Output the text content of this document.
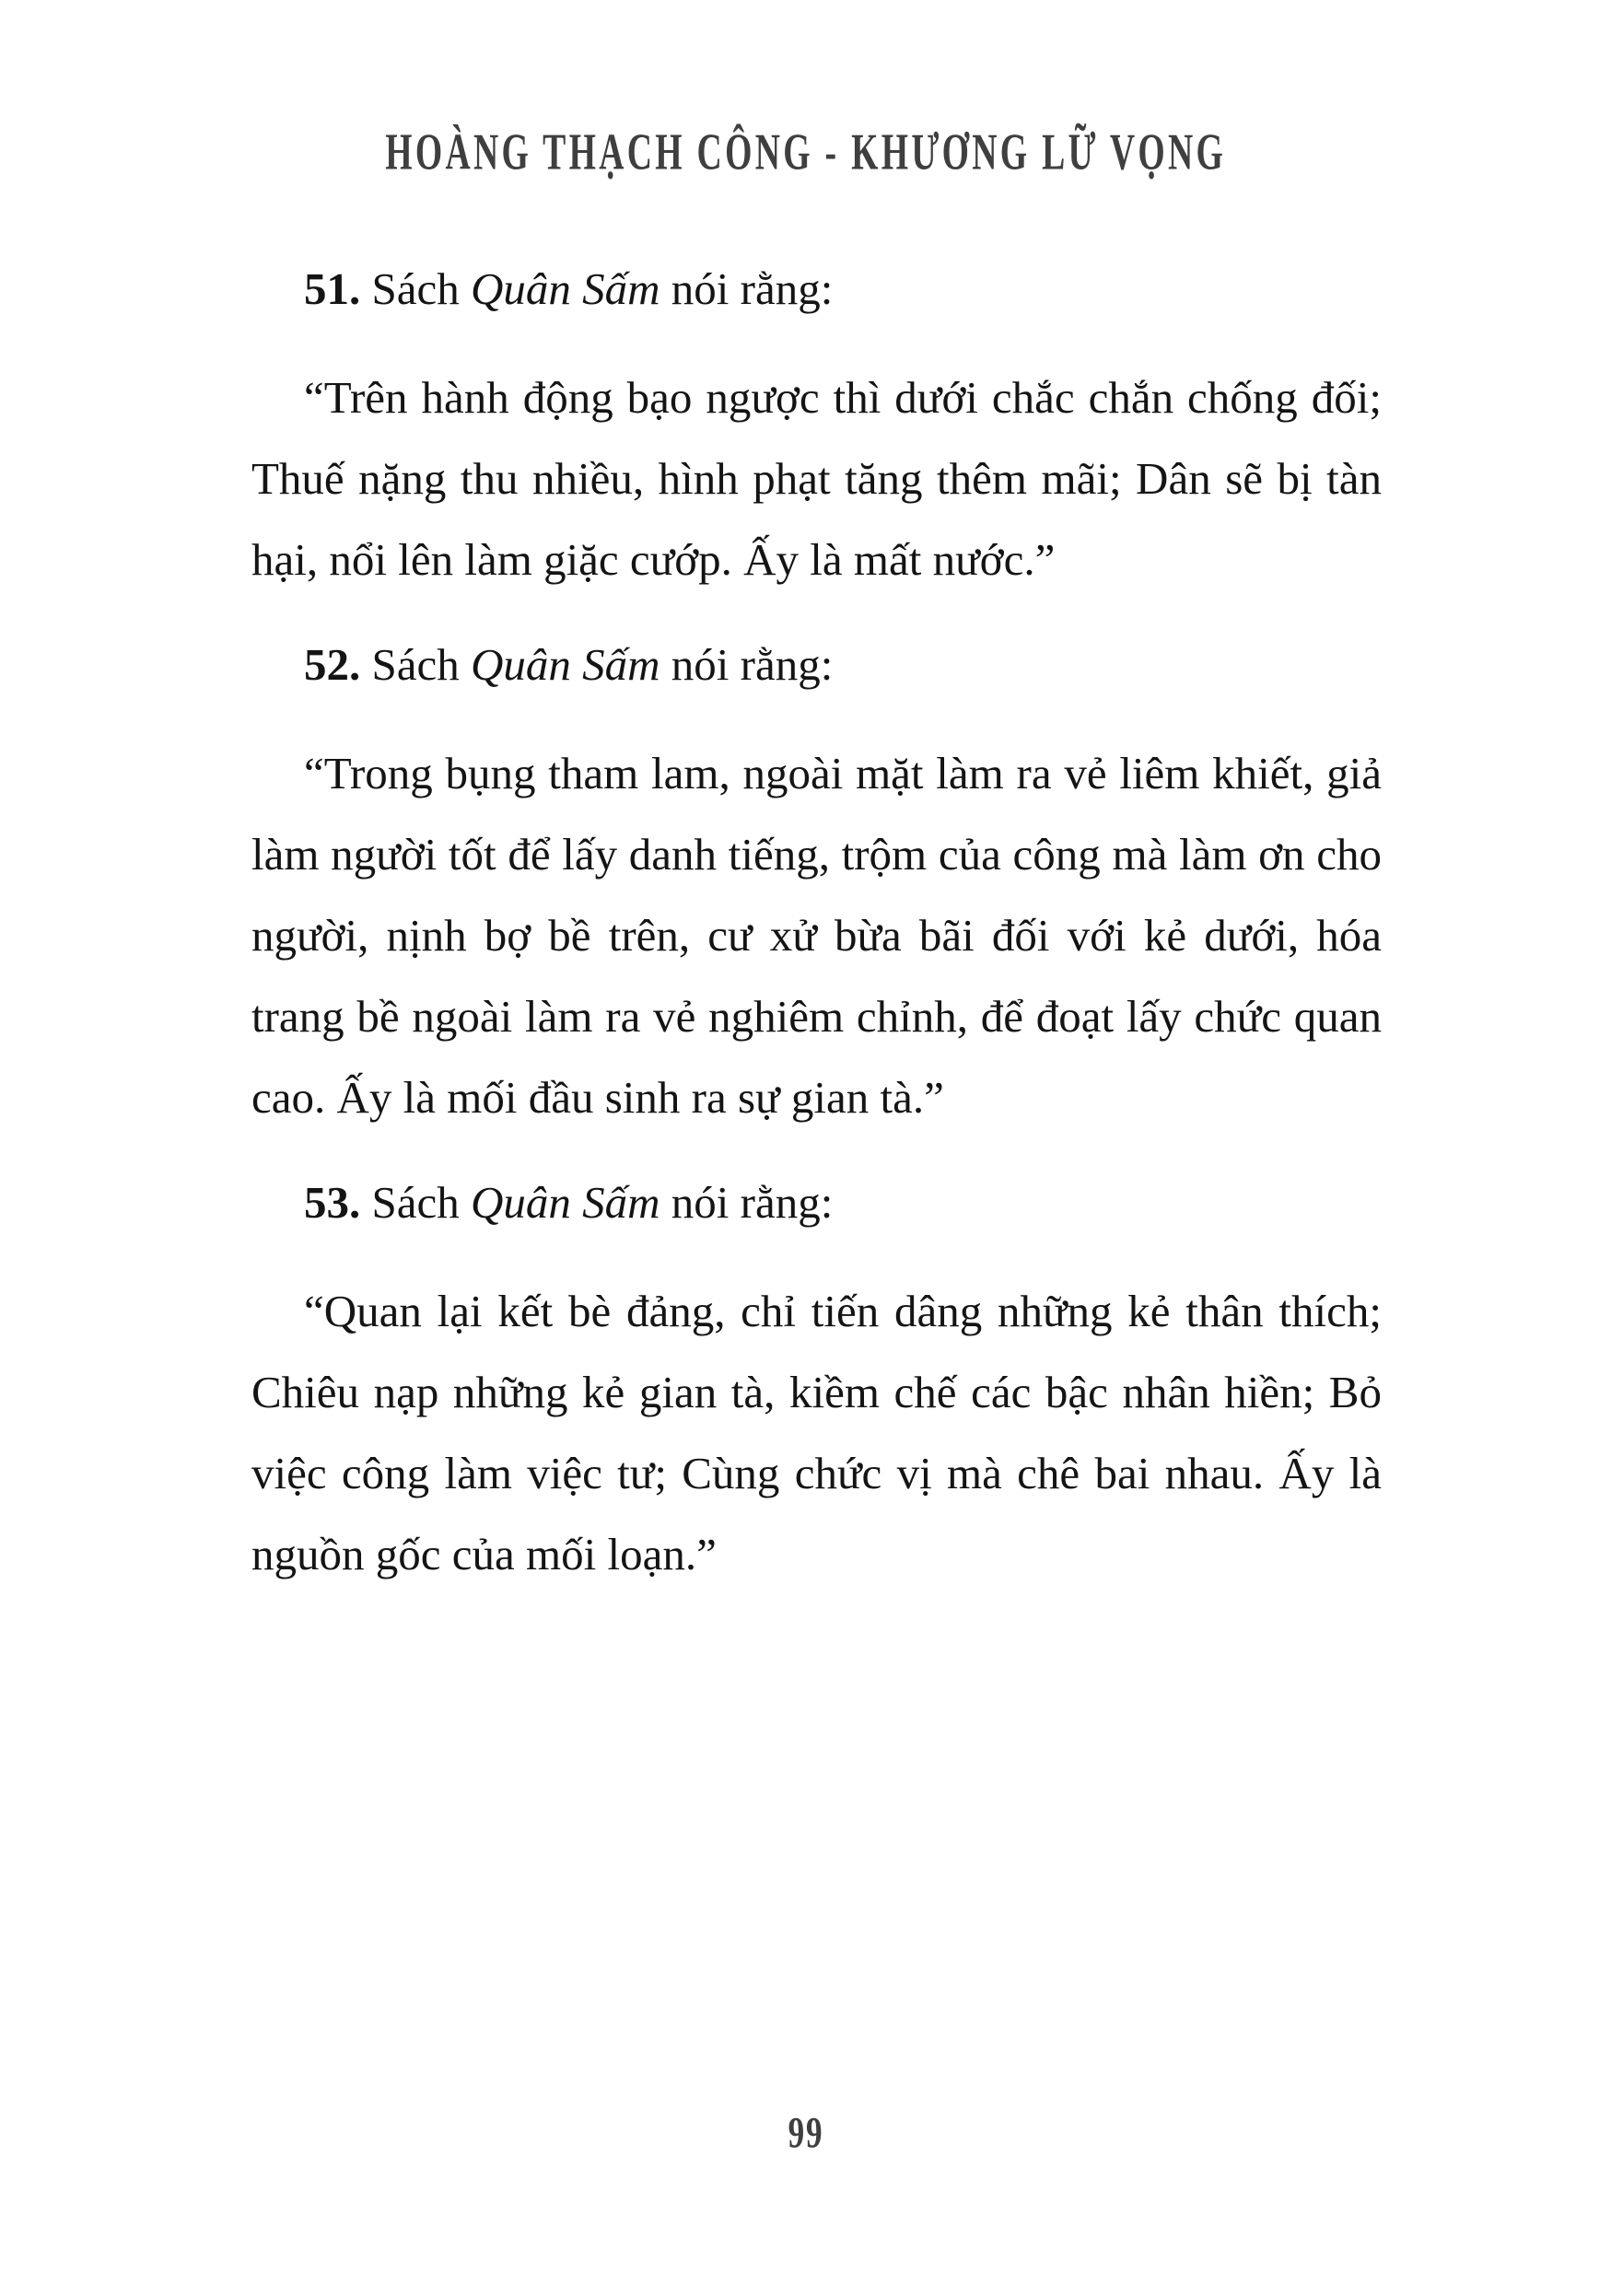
HOÀNG THẠCH CÔNG - KHƯƠNG LỮ VỌNG

51. Sách Quân Sấm nói rằng:

“Trên hành động bạo ngược thì dưới chắc chắn chống đối; Thuế nặng thu nhiều, hình phạt tăng thêm mãi; Dân sẽ bị tàn hại, nổi lên làm giặc cướp. Ấy là mất nước.”

52. Sách Quân Sấm nói rằng:

“Trong bụng tham lam, ngoài mặt làm ra vẻ liêm khiết, giả làm người tốt để lấy danh tiếng, trộm của công mà làm ơn cho người, nịnh bợ bề trên, cư xử bừa bãi đối với kẻ dưới, hóa trang bề ngoài làm ra vẻ nghiêm chỉnh, để đoạt lấy chức quan cao. Ấy là mối đầu sinh ra sự gian tà.”

53. Sách Quân Sấm nói rằng:

“Quan lại kết bè đảng, chỉ tiến dâng những kẻ thân thích; Chiêu nạp những kẻ gian tà, kiềm chế các bậc nhân hiền; Bỏ việc công làm việc tư; Cùng chức vị mà chê bai nhau. Ấy là nguồn gốc của mối loạn.”

99
